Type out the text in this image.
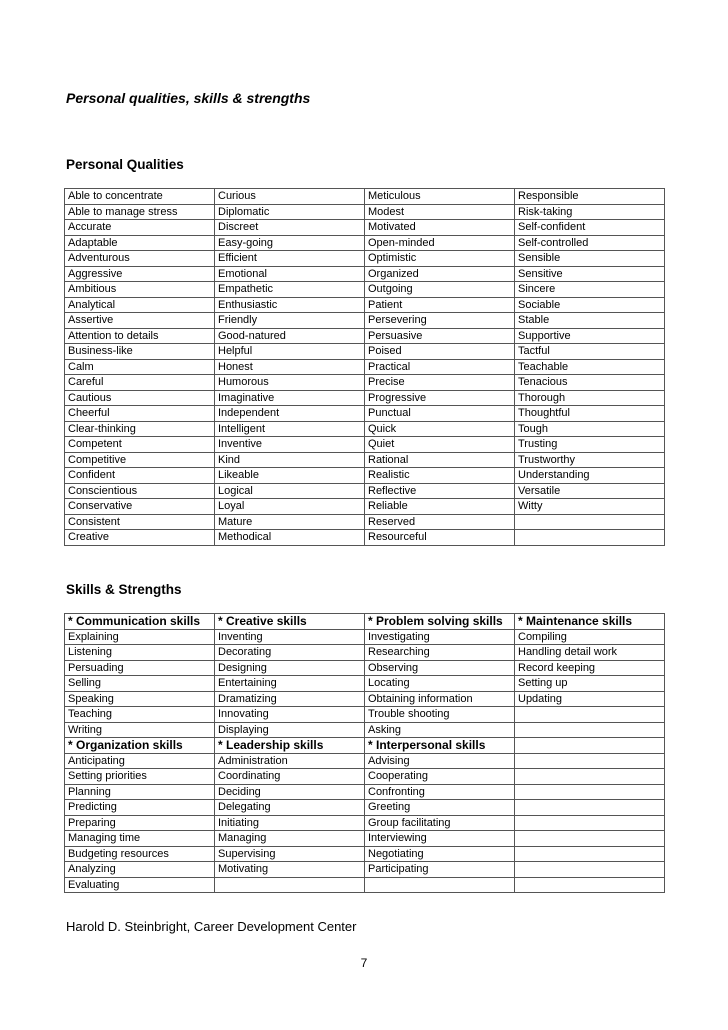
Personal qualities, skills & strengths
Personal Qualities
Able to concentrate	Curious	Meticulous	Responsible
Able to manage stress	Diplomatic	Modest	Risk-taking
Accurate	Discreet	Motivated	Self-confident
Adaptable	Easy-going	Open-minded	Self-controlled
Adventurous	Efficient	Optimistic	Sensible
Aggressive	Emotional	Organized	Sensitive
Ambitious	Empathetic	Outgoing	Sincere
Analytical	Enthusiastic	Patient	Sociable
Assertive	Friendly	Persevering	Stable
Attention to details	Good-natured	Persuasive	Supportive
Business-like	Helpful	Poised	Tactful
Calm	Honest	Practical	Teachable
Careful	Humorous	Precise	Tenacious
Cautious	Imaginative	Progressive	Thorough
Cheerful	Independent	Punctual	Thoughtful
Clear-thinking	Intelligent	Quick	Tough
Competent	Inventive	Quiet	Trusting
Competitive	Kind	Rational	Trustworthy
Confident	Likeable	Realistic	Understanding
Conscientious	Logical	Reflective	Versatile
Conservative	Loyal	Reliable	Witty
Consistent	Mature	Reserved	
Creative	Methodical	Resourceful	
Skills & Strengths
* Communication skills	* Creative skills	* Problem solving skills	* Maintenance skills
Explaining	Inventing	Investigating	Compiling
Listening	Decorating	Researching	Handling detail work
Persuading	Designing	Observing	Record keeping
Selling	Entertaining	Locating	Setting up
Speaking	Dramatizing	Obtaining information	Updating
Teaching	Innovating	Trouble shooting	
Writing	Displaying	Asking	
* Organization skills	* Leadership skills	* Interpersonal skills	
Anticipating	Administration	Advising	
Setting priorities	Coordinating	Cooperating	
Planning	Deciding	Confronting	
Predicting	Delegating	Greeting	
Preparing	Initiating	Group facilitating	
Managing time	Managing	Interviewing	
Budgeting resources	Supervising	Negotiating	
Analyzing	Motivating	Participating	
Evaluating			
Harold D. Steinbright, Career Development Center
7
